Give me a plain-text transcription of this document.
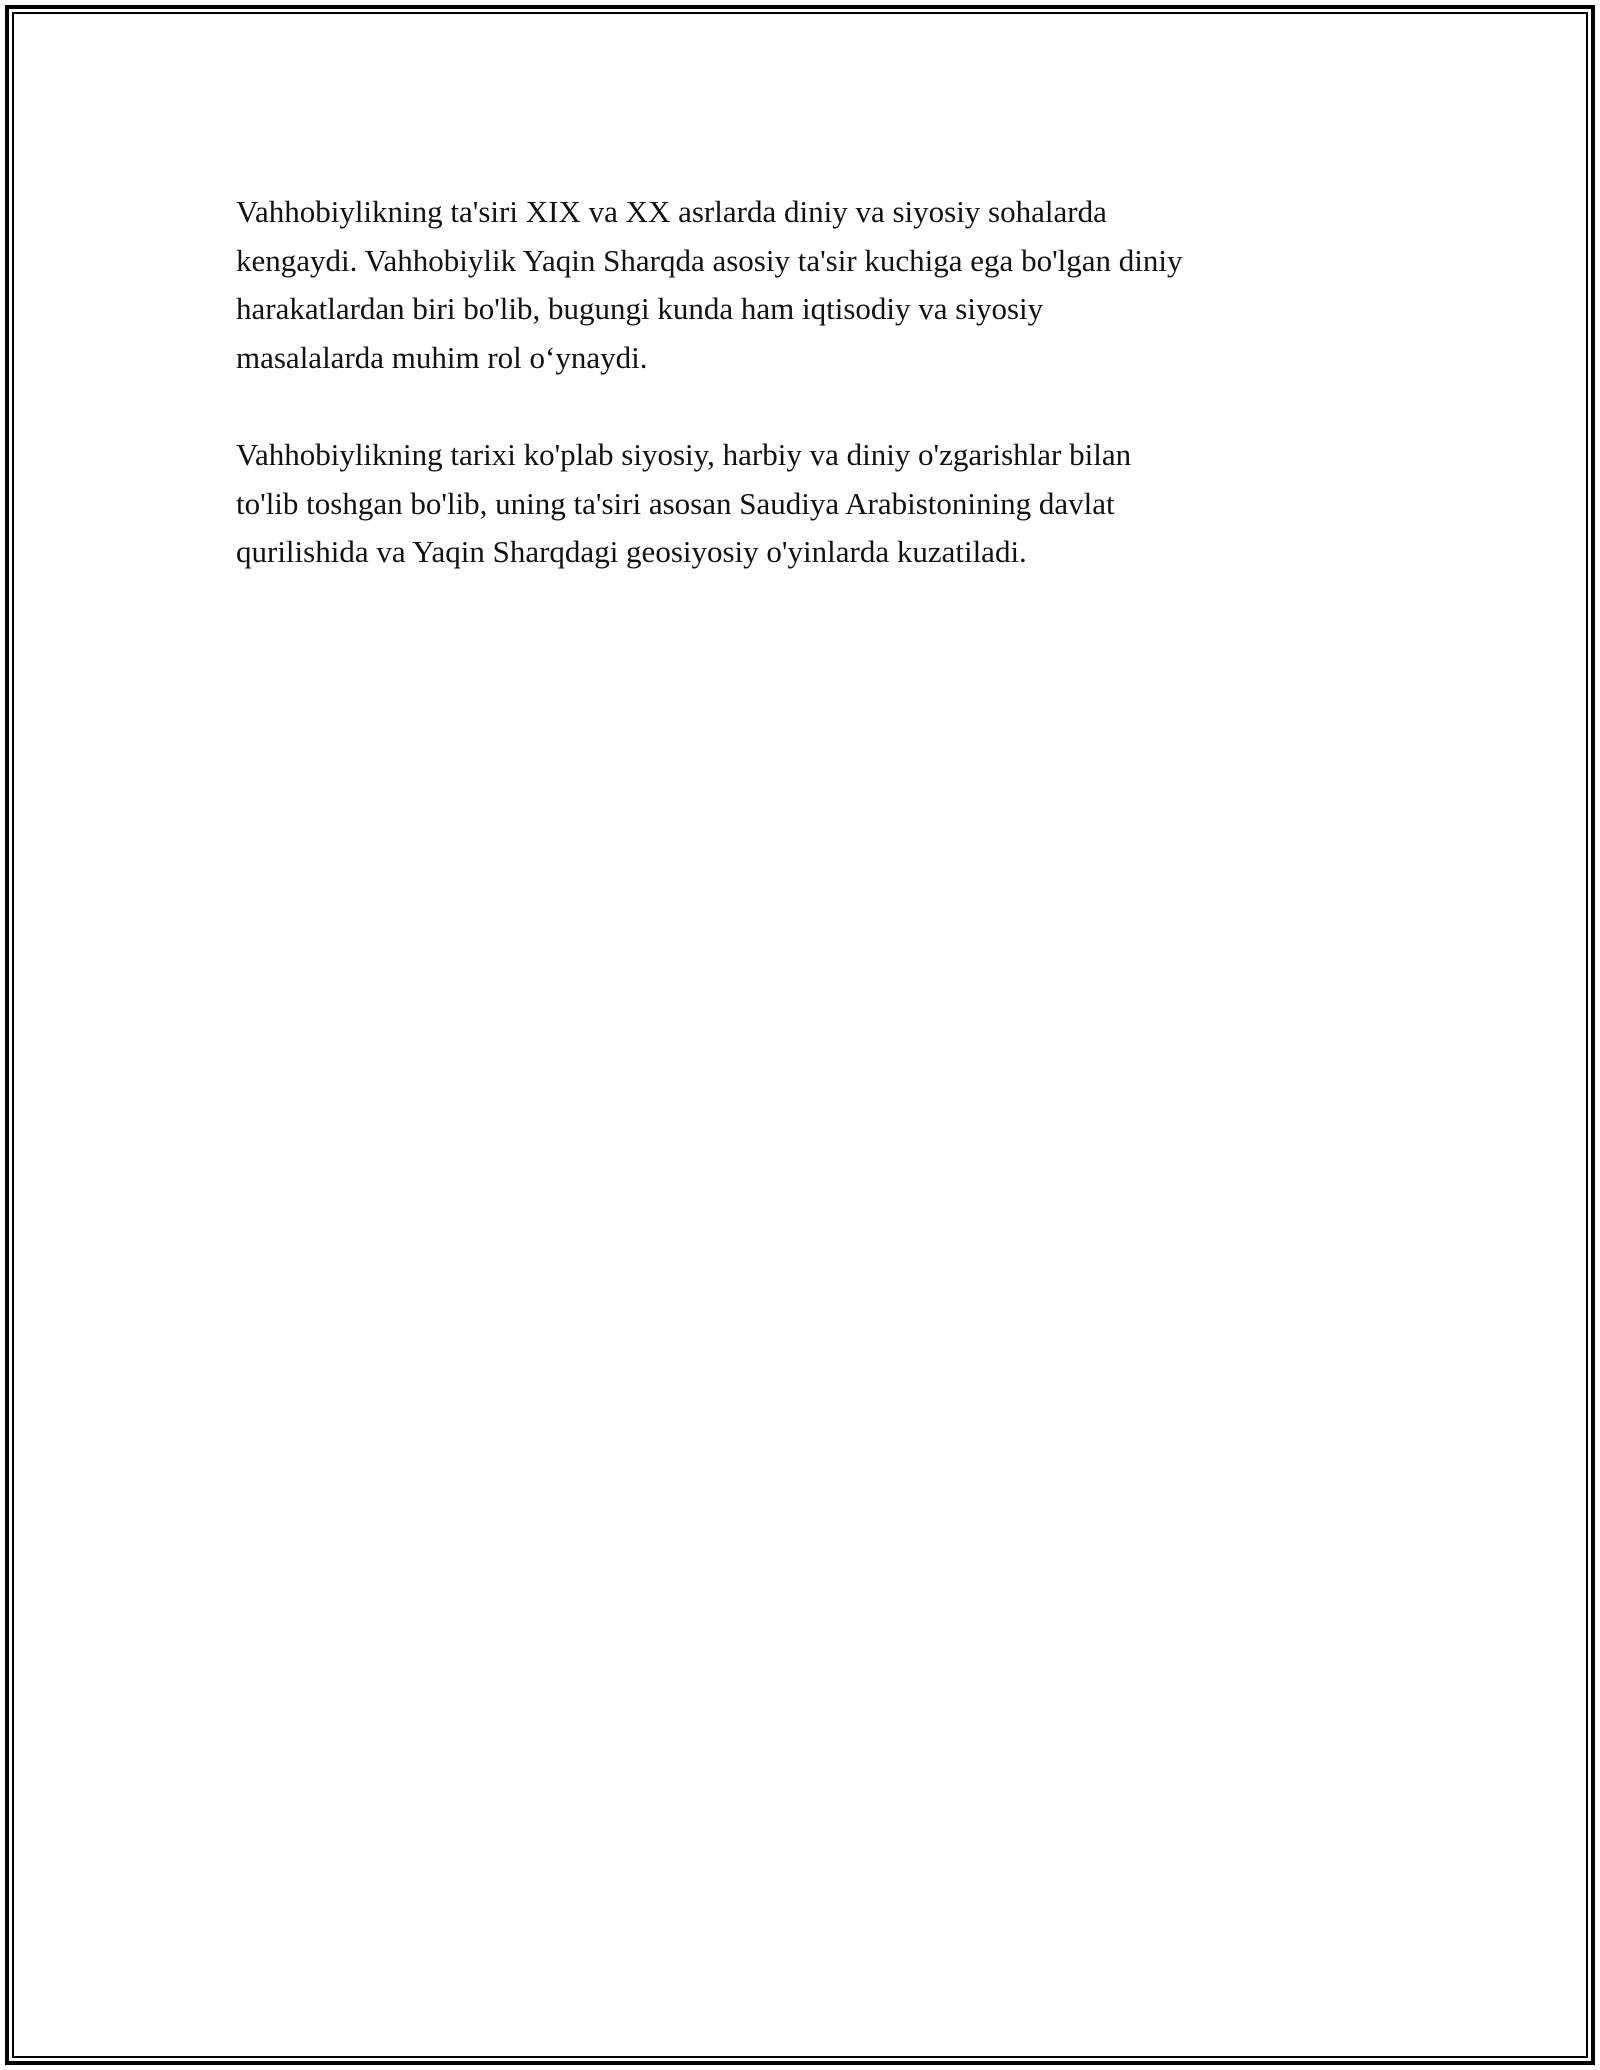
Vahhobiylikning ta'siri XIX va XX asrlarda diniy va siyosiy sohalarda
kengaydi. Vahhobiylik Yaqin Sharqda asosiy ta'sir kuchiga ega bo'lgan diniy
harakatlardan biri bo'lib, bugungi kunda ham iqtisodiy va siyosiy
masalalarda muhim rol o‘ynaydi.

Vahhobiylikning tarixi ko'plab siyosiy, harbiy va diniy o'zgarishlar bilan
to'lib toshgan bo'lib, uning ta'siri asosan Saudiya Arabistonining davlat
qurilishida va Yaqin Sharqdagi geosiyosiy o'yinlarda kuzatiladi.
